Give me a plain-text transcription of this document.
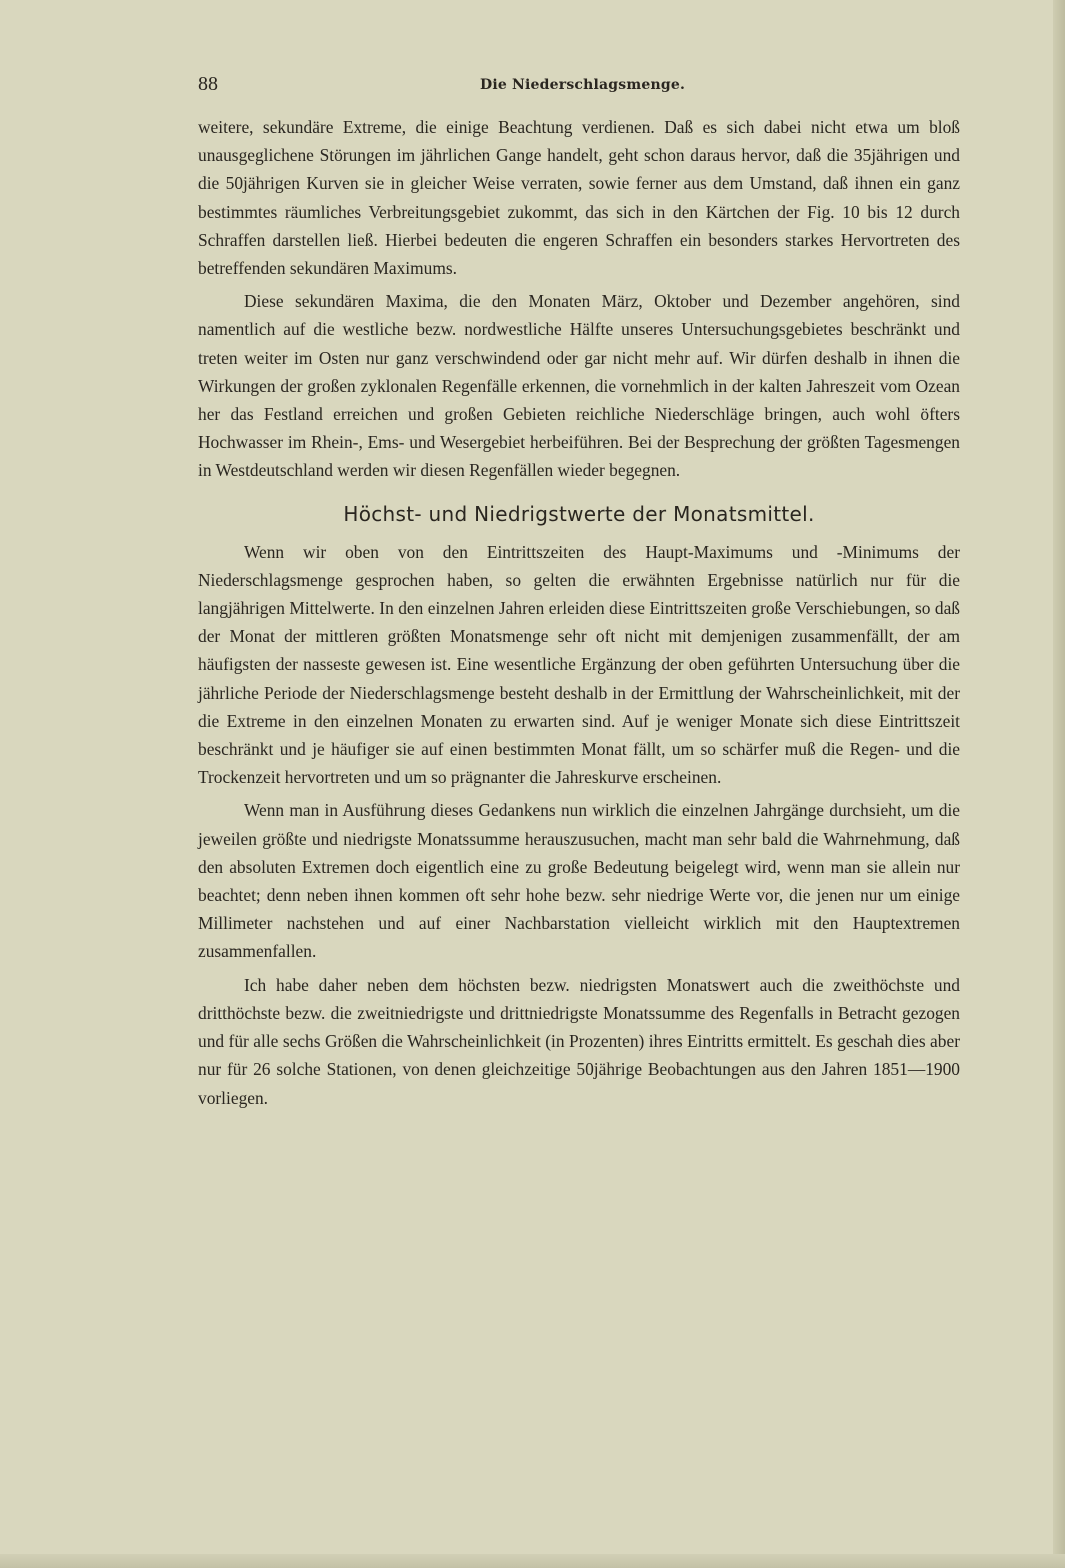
88	Die Niederschlagsmenge.

weitere, sekundäre Extreme, die einige Beachtung verdienen. Daß es sich dabei nicht etwa um bloß unausgeglichene Störungen im jährlichen Gange handelt, geht schon daraus hervor, daß die 35jährigen und die 50jährigen Kurven sie in gleicher Weise verraten, sowie ferner aus dem Umstand, daß ihnen ein ganz bestimmtes räumliches Verbreitungsgebiet zukommt, das sich in den Kärtchen der Fig. 10 bis 12 durch Schraffen darstellen ließ. Hierbei bedeuten die engeren Schraffen ein besonders starkes Hervortreten des betreffenden sekundären Maximums.

Diese sekundären Maxima, die den Monaten März, Oktober und Dezember angehören, sind namentlich auf die westliche bezw. nordwestliche Hälfte unseres Untersuchungsgebietes beschränkt und treten weiter im Osten nur ganz verschwindend oder gar nicht mehr auf. Wir dürfen deshalb in ihnen die Wirkungen der großen zyklonalen Regenfälle erkennen, die vornehmlich in der kalten Jahreszeit vom Ozean her das Festland erreichen und großen Gebieten reichliche Niederschläge bringen, auch wohl öfters Hochwasser im Rhein-, Ems- und Wesergebiet herbeiführen. Bei der Besprechung der größten Tagesmengen in Westdeutschland werden wir diesen Regenfällen wieder begegnen.

Höchst- und Niedrigstwerte der Monatsmittel.

Wenn wir oben von den Eintrittszeiten des Haupt-Maximums und -Minimums der Niederschlagsmenge gesprochen haben, so gelten die erwähnten Ergebnisse natürlich nur für die langjährigen Mittelwerte. In den einzelnen Jahren erleiden diese Eintrittszeiten große Verschiebungen, so daß der Monat der mittleren größten Monatsmenge sehr oft nicht mit demjenigen zusammenfällt, der am häufigsten der nasseste gewesen ist. Eine wesentliche Ergänzung der oben geführten Untersuchung über die jährliche Periode der Niederschlagsmenge besteht deshalb in der Ermittlung der Wahrscheinlichkeit, mit der die Extreme in den einzelnen Monaten zu erwarten sind. Auf je weniger Monate sich diese Eintrittszeit beschränkt und je häufiger sie auf einen bestimmten Monat fällt, um so schärfer muß die Regen- und die Trockenzeit hervortreten und um so prägnanter die Jahreskurve erscheinen.

Wenn man in Ausführung dieses Gedankens nun wirklich die einzelnen Jahrgänge durchsieht, um die jeweilen größte und niedrigste Monatssumme herauszusuchen, macht man sehr bald die Wahrnehmung, daß den absoluten Extremen doch eigentlich eine zu große Bedeutung beigelegt wird, wenn man sie allein nur beachtet; denn neben ihnen kommen oft sehr hohe bezw. sehr niedrige Werte vor, die jenen nur um einige Millimeter nachstehen und auf einer Nachbarstation vielleicht wirklich mit den Hauptextremen zusammenfallen.

Ich habe daher neben dem höchsten bezw. niedrigsten Monatswert auch die zweithöchste und dritthöchste bezw. die zweitniedrigste und drittniedrigste Monatssumme des Regenfalls in Betracht gezogen und für alle sechs Größen die Wahrscheinlichkeit (in Prozenten) ihres Eintritts ermittelt. Es geschah dies aber nur für 26 solche Stationen, von denen gleichzeitige 50jährige Beobachtungen aus den Jahren 1851—1900 vorliegen.
